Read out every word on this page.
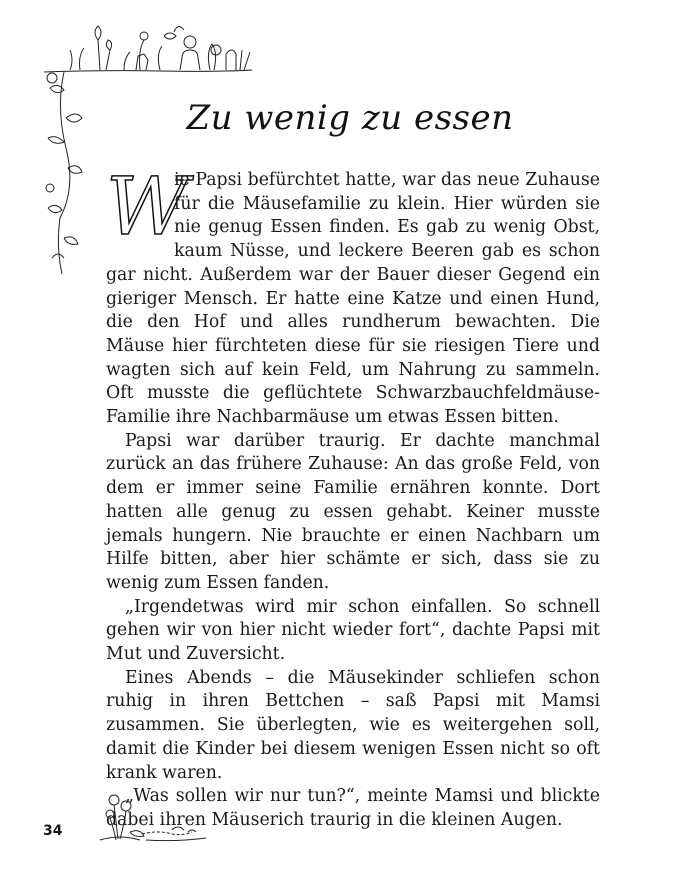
Zu wenig zu essen
W

ie Papsi befürchtet hatte, war das neue Zuhause für die Mäusefamilie zu klein. Hier würden sie nie genug Essen finden. Es gab zu wenig Obst, kaum Nüsse, und leckere Beeren gab es schon gar nicht. Außerdem war der Bauer dieser Gegend ein gieriger Mensch. Er hatte eine Katze und einen Hund, die den Hof und alles rundherum bewachten. Die Mäuse hier fürchteten diese für sie riesigen Tiere und wagten sich auf kein Feld, um Nahrung zu sammeln. Oft musste die geflüchtete Schwarzbauchfeldmäuse-Familie ihre Nachbarmäuse um etwas Essen bitten.

Papsi war darüber traurig. Er dachte manchmal zurück an das frühere Zuhause: An das große Feld, von dem er immer seine Familie ernähren konnte. Dort hatten alle genug zu essen gehabt. Keiner musste jemals hungern. Nie brauchte er einen Nachbarn um Hilfe bitten, aber hier schämte er sich, dass sie zu wenig zum Essen fanden.

„Irgendetwas wird mir schon einfallen. So schnell gehen wir von hier nicht wieder fort“, dachte Papsi mit Mut und Zuversicht.

Eines Abends – die Mäusekinder schliefen schon ruhig in ihren Bettchen – saß Papsi mit Mamsi zusammen. Sie überlegten, wie es weitergehen soll, damit die Kinder bei diesem wenigen Essen nicht so oft krank waren.

„Was sollen wir nur tun?“, meinte Mamsi und blickte dabei ihren Mäuserich traurig in die kleinen Augen.

34
